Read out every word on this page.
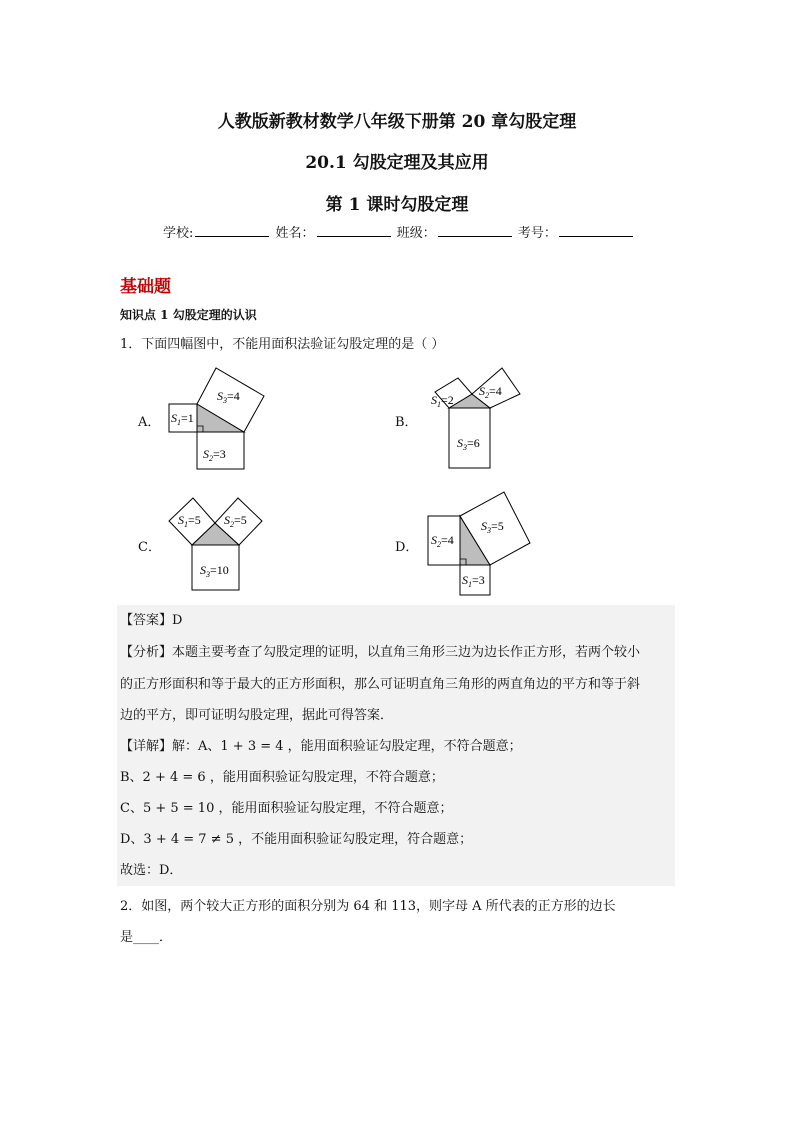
人教版新教材数学八年级下册第 20 章勾股定理
20.1 勾股定理及其应用
第 1 课时勾股定理
学校:	姓名：	班级：	考号：
基础题
知识点 1 勾股定理的认识
1．下面四幅图中，不能用面积法验证勾股定理的是（ ）
A．	B．
C．	D．
$S_1=1$
$S_2=3$
$S_3=4$	$S_1=2$
$S_2=4$
$S_3=6$
$S_1=5$ $S_2=5$
$S_3=10$
$S_2=4$
$S_1=3$
$S_3=5$
【答案】D
【分析】本题主要考查了勾股定理的证明，以直角三角形三边为边长作正方形，若两个较小
的正方形面积和等于最大的正方形面积，那么可证明直角三角形的两直角边的平方和等于斜
边的平方，即可证明勾股定理，据此可得答案．
【详解】解：A、1 + 3 = 4 ，能用面积验证勾股定理，不符合题意；
B、2 + 4 = 6 ，能用面积验证勾股定理，不符合题意；
C、5 + 5 = 10 ，能用面积验证勾股定理，不符合题意；
D、3 + 4 = 7 ≠ 5 ，不能用面积验证勾股定理，符合题意；
故选：D．
2．如图，两个较大正方形的面积分别为 64 和 113，则字母 A 所代表的正方形的边长
是____．
